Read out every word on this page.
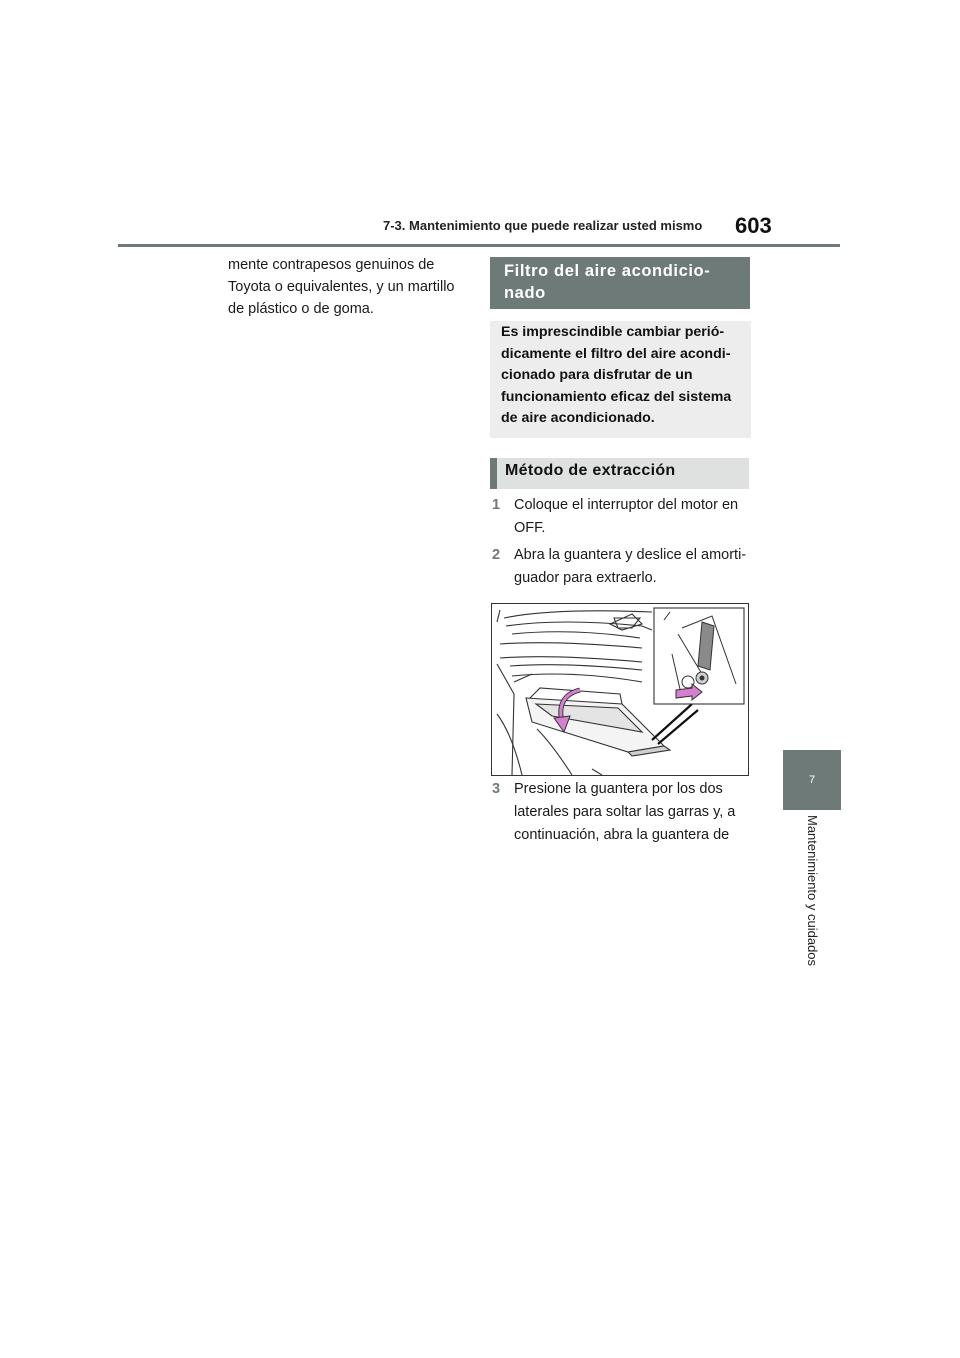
7-3. Mantenimiento que puede realizar usted mismo 603
mente contrapesos genuinos de Toyota o equivalentes, y un martillo de plástico o de goma.
Filtro del aire acondicio-nado
Es imprescindible cambiar perió-dicamente el filtro del aire acondi-cionado para disfrutar de un funcionamiento eficaz del sistema de aire acondicionado.
Método de extracción
1 Coloque el interruptor del motor en OFF.
2 Abra la guantera y deslice el amorti-guador para extraerlo.
3 Presione la guantera por los dos laterales para soltar las garras y, a continuación, abra la guantera de
7
Mantenimiento y cuidados
